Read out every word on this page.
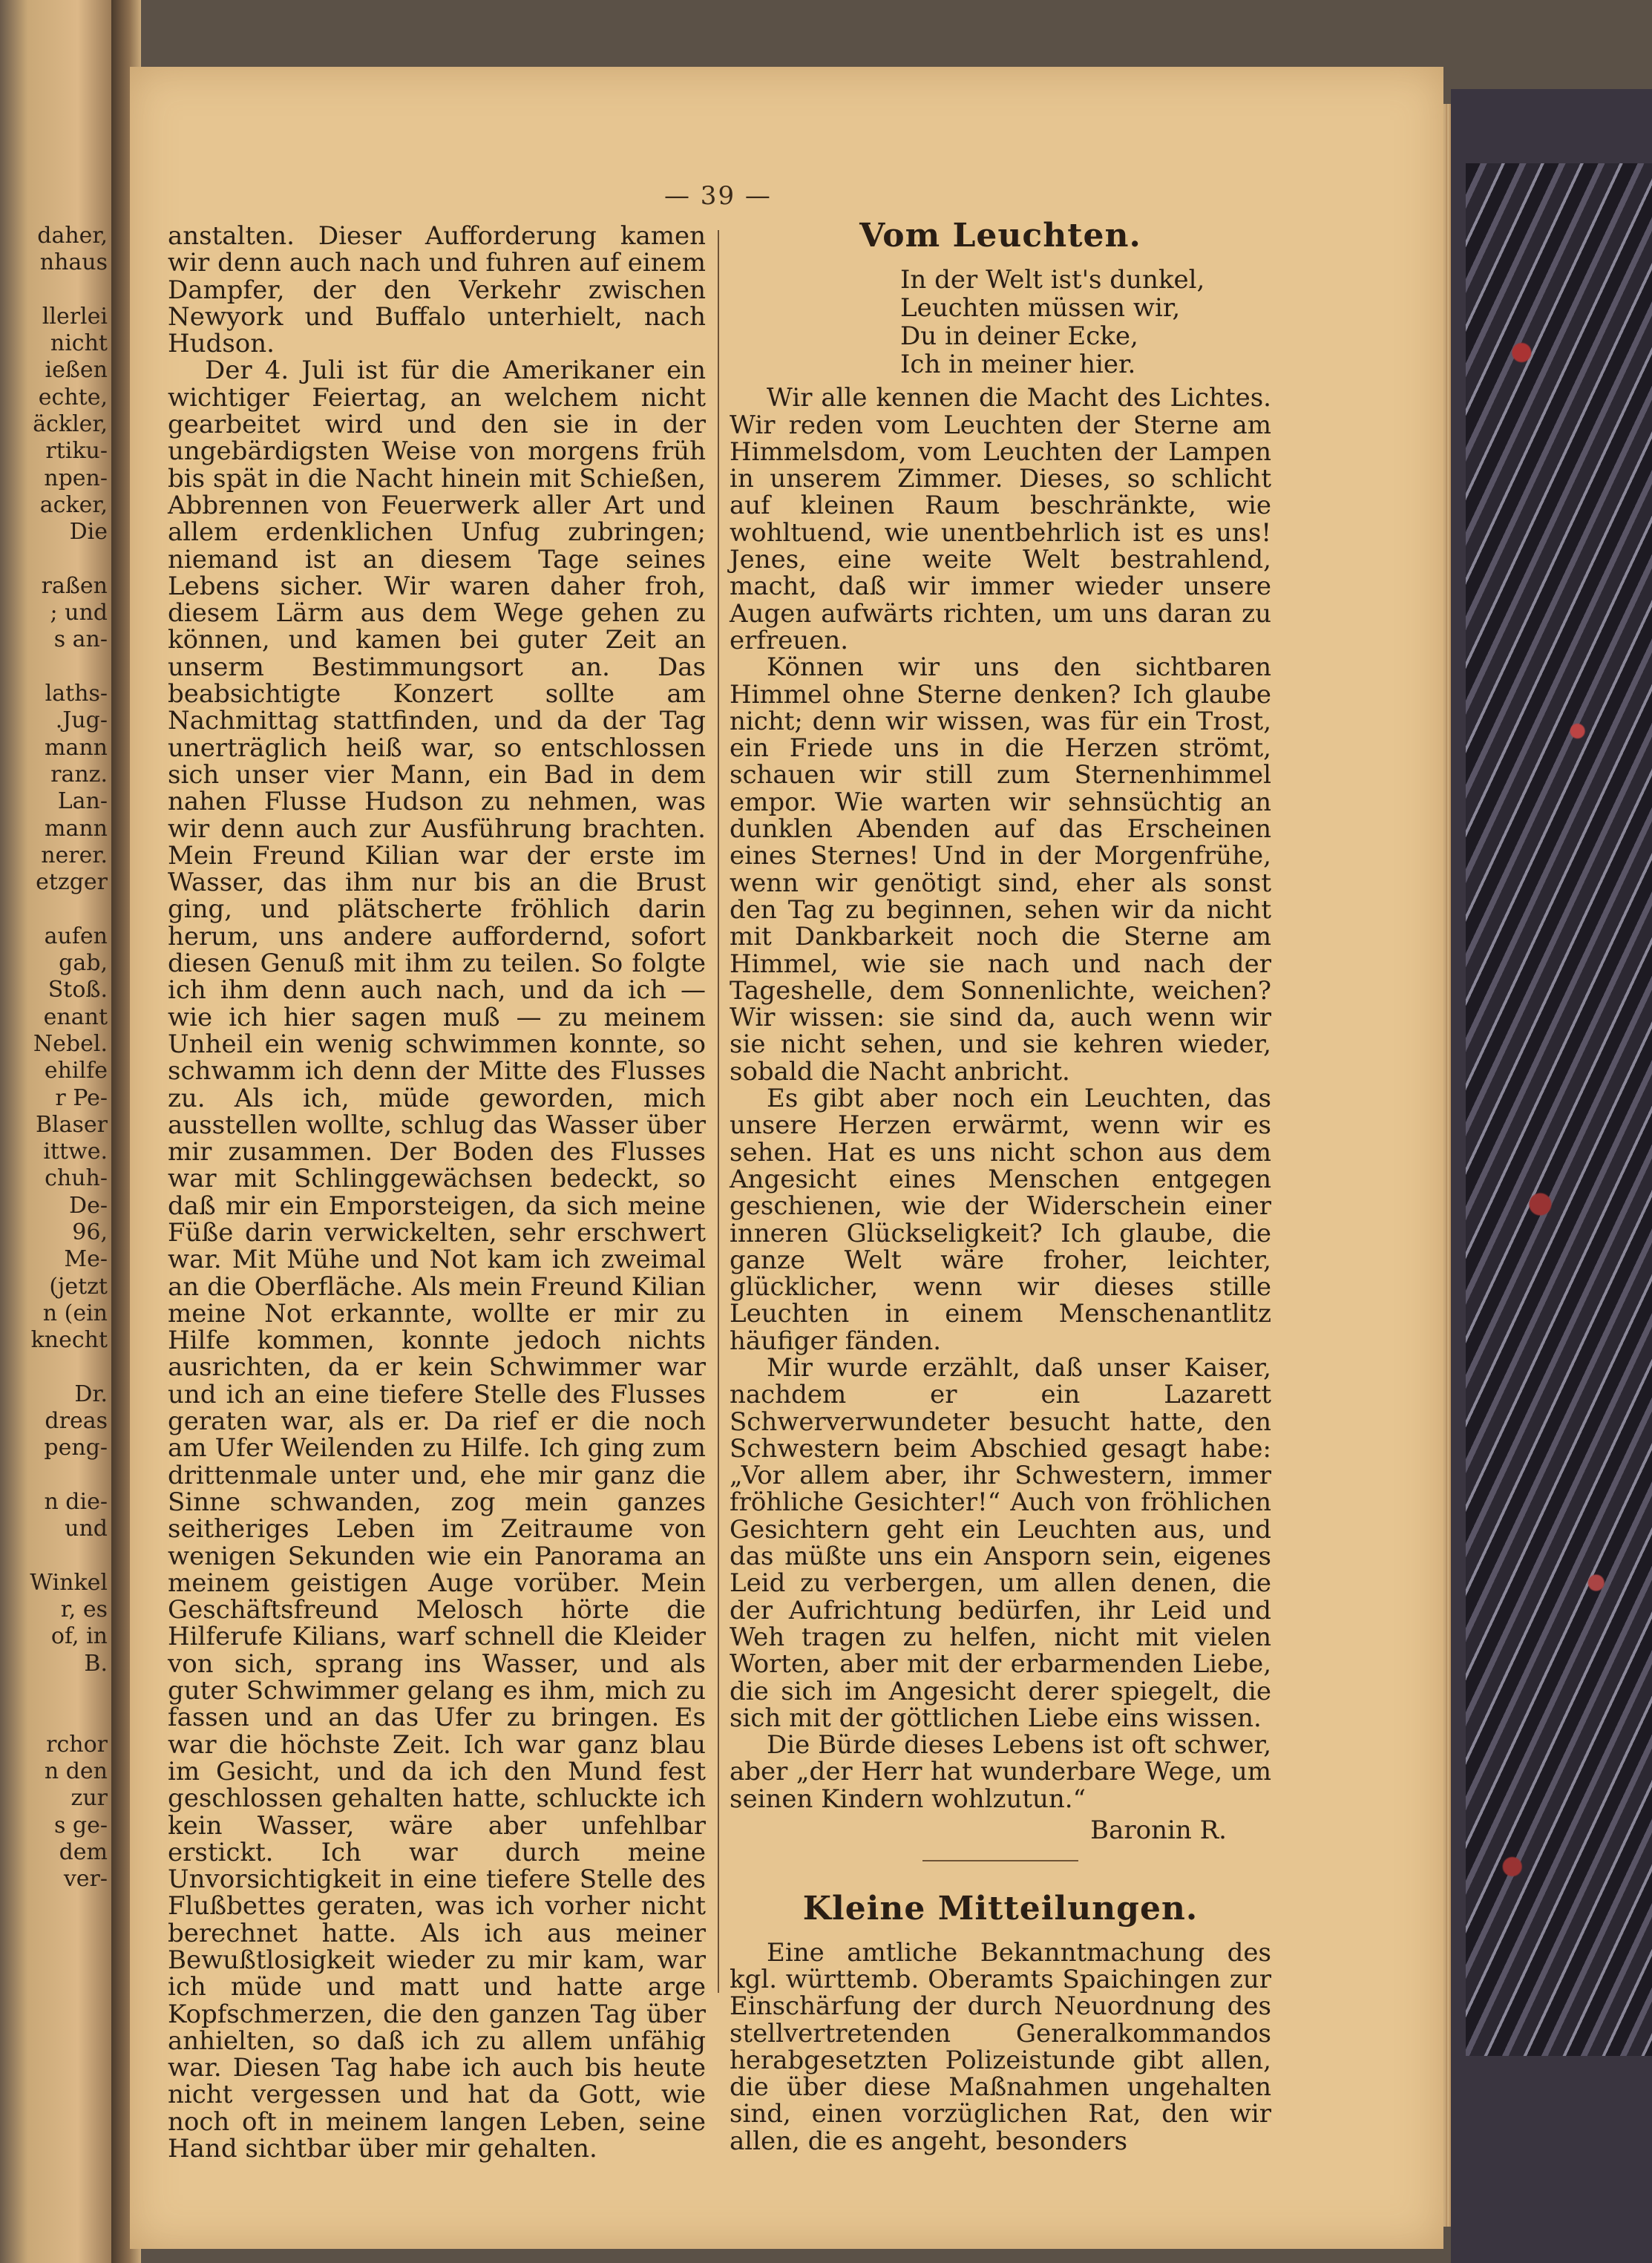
daher,
nhaus

llerlei
nicht
ießen
echte,
äckler,
rtiku-
npen-
acker,
Die

raßen
; und
s an-

laths-
.Jug-
mann
ranz.
Lan-
mann
nerer.
etzger

aufen
gab,
Stoß.
enant
Nebel.
ehilfe
r Pe-
Blaser
ittwe.
chuh-
De-
96,
Me-
(jetzt
n (ein
knecht

Dr.
dreas
peng-

n die-
und

Winkel
r, es
of, in
B.

rchor
n den
zur
s ge-
dem
ver-
— 39 —

anstalten. Dieser Aufforderung kamen wir denn auch nach und fuhren auf einem Dampfer, der den Verkehr zwischen Newyork und Buffalo unterhielt, nach Hudson.

Der 4. Juli ist für die Amerikaner ein wichtiger Feiertag, an welchem nicht gearbeitet wird und den sie in der ungebärdigsten Weise von morgens früh bis spät in die Nacht hinein mit Schießen, Abbrennen von Feuerwerk aller Art und allem erdenklichen Unfug zubringen; niemand ist an diesem Tage seines Lebens sicher. Wir waren daher froh, diesem Lärm aus dem Wege gehen zu können, und kamen bei guter Zeit an unserm Bestimmungsort an. Das beabsichtigte Konzert sollte am Nachmittag stattfinden, und da der Tag unerträglich heiß war, so entschlossen sich unser vier Mann, ein Bad in dem nahen Flusse Hudson zu nehmen, was wir denn auch zur Ausführung brachten. Mein Freund Kilian war der erste im Wasser, das ihm nur bis an die Brust ging, und plätscherte fröhlich darin herum, uns andere auffordernd, sofort diesen Genuß mit ihm zu teilen. So folgte ich ihm denn auch nach, und da ich — wie ich hier sagen muß — zu meinem Unheil ein wenig schwimmen konnte, so schwamm ich denn der Mitte des Flusses zu. Als ich, müde geworden, mich ausstellen wollte, schlug das Wasser über mir zusammen. Der Boden des Flusses war mit Schlinggewächsen bedeckt, so daß mir ein Emporsteigen, da sich meine Füße darin verwickelten, sehr erschwert war. Mit Mühe und Not kam ich zweimal an die Oberfläche. Als mein Freund Kilian meine Not erkannte, wollte er mir zu Hilfe kommen, konnte jedoch nichts ausrichten, da er kein Schwimmer war und ich an eine tiefere Stelle des Flusses geraten war, als er. Da rief er die noch am Ufer Weilenden zu Hilfe. Ich ging zum drittenmale unter und, ehe mir ganz die Sinne schwanden, zog mein ganzes seitheriges Leben im Zeitraume von wenigen Sekunden wie ein Panorama an meinem geistigen Auge vorüber. Mein Geschäftsfreund Melosch hörte die Hilferufe Kilians, warf schnell die Kleider von sich, sprang ins Wasser, und als guter Schwimmer gelang es ihm, mich zu fassen und an das Ufer zu bringen. Es war die höchste Zeit. Ich war ganz blau im Gesicht, und da ich den Mund fest geschlossen gehalten hatte, schluckte ich kein Wasser, wäre aber unfehlbar erstickt. Ich war durch meine Unvorsichtigkeit in eine tiefere Stelle des Flußbettes geraten, was ich vorher nicht berechnet hatte. Als ich aus meiner Bewußtlosigkeit wieder zu mir kam, war ich müde und matt und hatte arge Kopfschmerzen, die den ganzen Tag über anhielten, so daß ich zu allem unfähig war. Diesen Tag habe ich auch bis heute nicht vergessen und hat da Gott, wie noch oft in meinem langen Leben, seine Hand sichtbar über mir gehalten.

Vom Leuchten.
In der Welt ist's dunkel,
Leuchten müssen wir,
Du in deiner Ecke,
Ich in meiner hier.

Wir alle kennen die Macht des Lichtes. Wir reden vom Leuchten der Sterne am Himmelsdom, vom Leuchten der Lampen in unserem Zimmer. Dieses, so schlicht auf kleinen Raum beschränkte, wie wohltuend, wie unentbehrlich ist es uns! Jenes, eine weite Welt bestrahlend, macht, daß wir immer wieder unsere Augen aufwärts richten, um uns daran zu erfreuen.

Können wir uns den sichtbaren Himmel ohne Sterne denken? Ich glaube nicht; denn wir wissen, was für ein Trost, ein Friede uns in die Herzen strömt, schauen wir still zum Sternenhimmel empor. Wie warten wir sehnsüchtig an dunklen Abenden auf das Erscheinen eines Sternes! Und in der Morgenfrühe, wenn wir genötigt sind, eher als sonst den Tag zu beginnen, sehen wir da nicht mit Dankbarkeit noch die Sterne am Himmel, wie sie nach und nach der Tageshelle, dem Sonnenlichte, weichen? Wir wissen: sie sind da, auch wenn wir sie nicht sehen, und sie kehren wieder, sobald die Nacht anbricht.

Es gibt aber noch ein Leuchten, das unsere Herzen erwärmt, wenn wir es sehen. Hat es uns nicht schon aus dem Angesicht eines Menschen entgegen geschienen, wie der Widerschein einer inneren Glückseligkeit? Ich glaube, die ganze Welt wäre froher, leichter, glücklicher, wenn wir dieses stille Leuchten in einem Menschenantlitz häufiger fänden.

Mir wurde erzählt, daß unser Kaiser, nachdem er ein Lazarett Schwerverwundeter besucht hatte, den Schwestern beim Abschied gesagt habe: „Vor allem aber, ihr Schwestern, immer fröhliche Gesichter!“ Auch von fröhlichen Gesichtern geht ein Leuchten aus, und das müßte uns ein Ansporn sein, eigenes Leid zu verbergen, um allen denen, die der Aufrichtung bedürfen, ihr Leid und Weh tragen zu helfen, nicht mit vielen Worten, aber mit der erbarmenden Liebe, die sich im Angesicht derer spiegelt, die sich mit der göttlichen Liebe eins wissen.

Die Bürde dieses Lebens ist oft schwer, aber „der Herr hat wunderbare Wege, um seinen Kindern wohlzutun.“

Baronin R.
Kleine Mitteilungen.

Eine amtliche Bekanntmachung des kgl. württemb. Oberamts Spaichingen zur Einschärfung der durch Neuordnung des stellvertretenden Generalkommandos herabgesetzten Polizeistunde gibt allen, die über diese Maßnahmen ungehalten sind, einen vorzüglichen Rat, den wir allen, die es angeht, besonders
